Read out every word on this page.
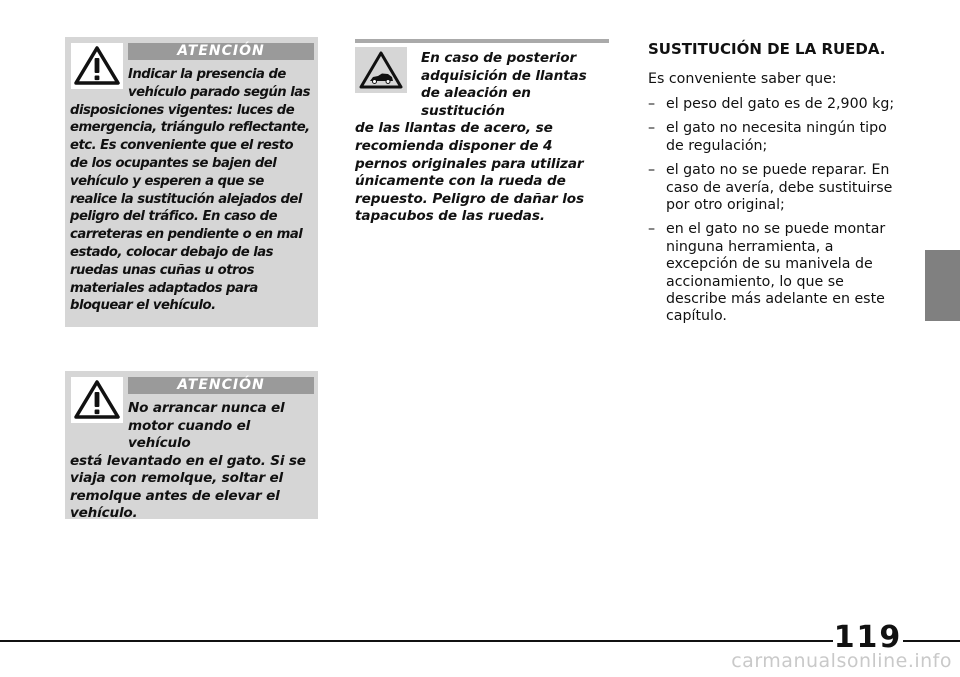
ATENCIÓN
Indicar la presencia de vehículo parado según las
disposiciones vigentes: luces de emergencia, triángulo reflectante, etc. Es conveniente que el resto de los ocupantes se bajen del vehículo y esperen a que se realice la sustitución alejados del peligro del tráfico. En caso de carreteras en pendiente o en mal estado, colocar debajo de las ruedas unas cuñas u otros materiales adaptados para bloquear el vehículo.
ATENCIÓN
No arrancar nunca el motor cuando el vehículo
está levantado en el gato. Si se viaja con remolque, soltar el remolque antes de elevar el vehículo.
En caso de posterior adquisición de llantas de aleación en sustitución
de las llantas de acero, se recomienda disponer de 4 pernos originales para utilizar únicamente con la rueda de repuesto. Peligro de dañar los tapacubos de las ruedas.
SUSTITUCIÓN DE LA RUEDA.

Es conveniente saber que:

– el peso del gato es de 2,900 kg;
– el gato no necesita ningún tipo de regulación;
– el gato no se puede reparar. En caso de avería, debe sustituirse por otro original;
– en el gato no se puede montar ninguna herramienta, a excepción de su manivela de accionamiento, lo que se describe más adelante en este capítulo.
119
carmanualsonline.info
